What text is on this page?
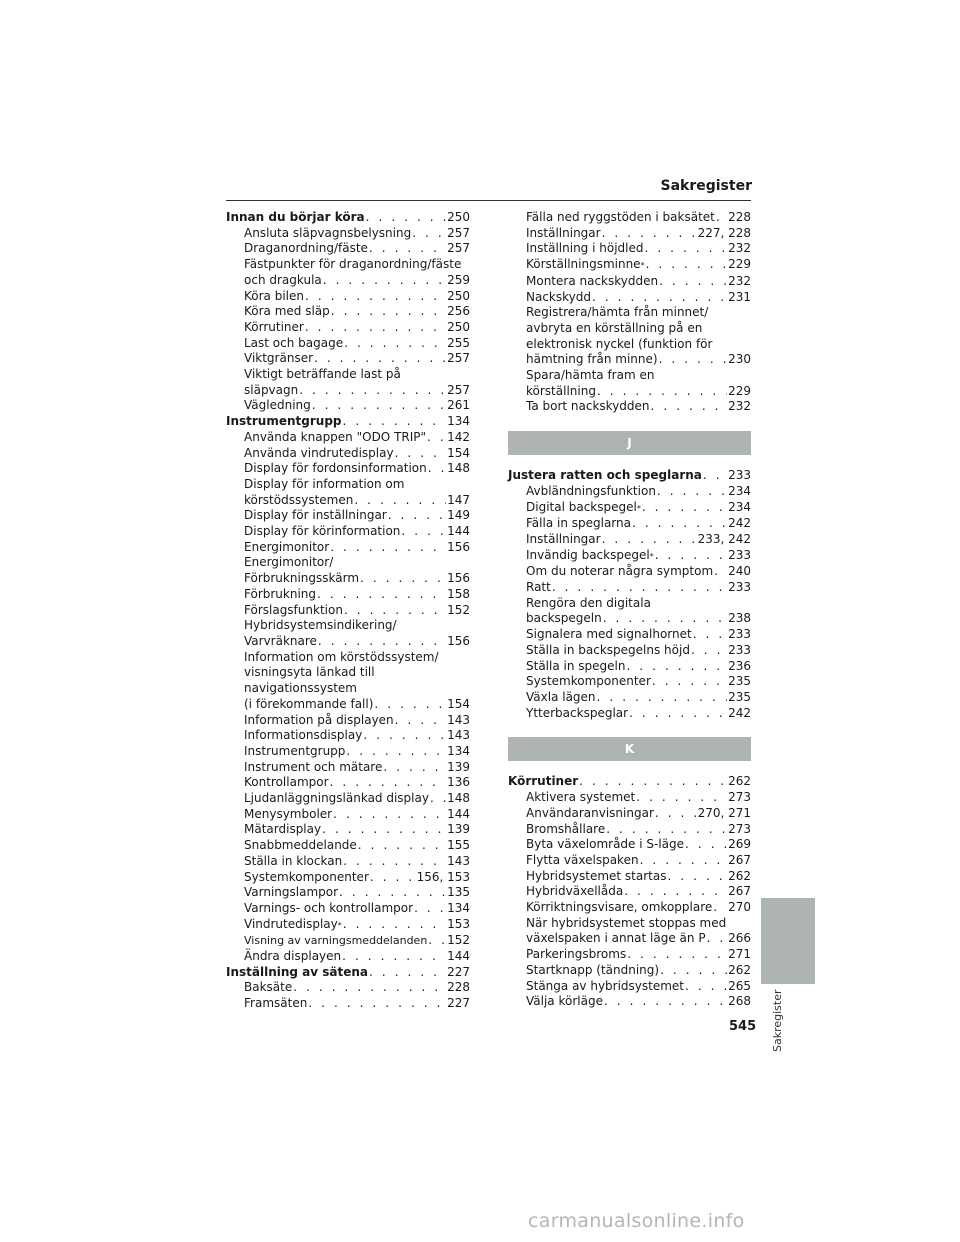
Sakregister
Innan du börjar köra . . .	250
Ansluta släpvagnsbelysning . . .	257
Draganordning/fäste . . .	257
Fästpunkter för draganordning/fäste
och dragkula . . .	259
Köra bilen . . .	250
Köra med släp . . .	256
Körrutiner . . .	250
Last och bagage . . .	255
Viktgränser . . .	257
Viktigt beträffande last på
släpvagn . . .	257
Vägledning . . .	261
Instrumentgrupp . . .	134
Använda knappen "ODO TRIP" . . . 142
Använda vindrutedisplay . . .	154
Display för fordonsinformation . . . 148
Display för information om
körstödssystemen . . .	147
Display för inställningar . . .	149
Display för körinformation . . .	144
Energimonitor . . .	156
Energimonitor/
Förbrukningsskärm . . .	156
Förbrukning . . .	158
Förslagsfunktion . . .	152
Hybridsystemsindikering/
Varvräknare . . .	156
Information om körstödssystem/
visningsyta länkad till
navigationssystem
(i förekommande fall) . . .	154
Information på displayen . . .	143
Informationsdisplay . . .	143
Instrumentgrupp . . .	134
Instrument och mätare . . .	139
Kontrollampor . . .	136
Ljudanläggningslänkad display . . . 148
Menysymboler . . .	144
Mätardisplay . . .	139
Snabbmeddelande . . .	155
Ställa in klockan . . .	143
Systemkomponenter . . .	156, 153
Varningslampor . . .	135
Varnings- och kontrollampor . . .	134
Vindrutedisplay * . . .	153
Visning av varningsmeddelanden . . . 152
Ändra displayen . . .	144
Inställning av sätena . . .	227
Baksäte . . .	228
Framsäten . . .	227
Fälla ned ryggstöden i baksätet . . . 228
Inställningar . . .	227, 228
Inställning i höjdled . . .	232
Körställningsminne * . . .	229
Montera nackskydden . . .	232
Nackskydd . . .	231
Registrera/hämta från minnet/
avbryta en körställning på en
elektronisk nyckel (funktion för
hämtning från minne) . . .	230
Spara/hämta fram en
körställning . . .	229
Ta bort nackskydden . . .	232
J
Justera ratten och speglarna . . . 233
Avbländningsfunktion . . .	234
Digital backspegel * . . .	234
Fälla in speglarna . . .	242
Inställningar . . .	233, 242
Invändig backspegel * . . .	233
Om du noterar några symptom . . . 240
Ratt . . .	233
Rengöra den digitala
backspegeln . . .	238
Signalera med signalhornet . . .	233
Ställa in backspegelns höjd . . .	233
Ställa in spegeln . . .	236
Systemkomponenter . . .	235
Växla lägen . . .	235
Ytterbackspeglar . . .	242
K
Körrutiner . . .	262
Aktivera systemet . . .	273
Användaranvisningar . . .	270, 271
Bromshållare . . .	273
Byta växelområde i S-läge . . .	269
Flytta växelspaken . . .	267
Hybridsystemet startas . . .	262
Hybridväxellåda . . .	267
Körriktningsvisare, omkopplare . . . 270
När hybridsystemet stoppas med
växelspaken i annat läge än P . . . 266
Parkeringsbroms . . .	271
Startknapp (tändning) . . .	262
Stänga av hybridsystemet . . .	265
Välja körläge . . .	268 Sakregister
545
carmanualsonline.info
